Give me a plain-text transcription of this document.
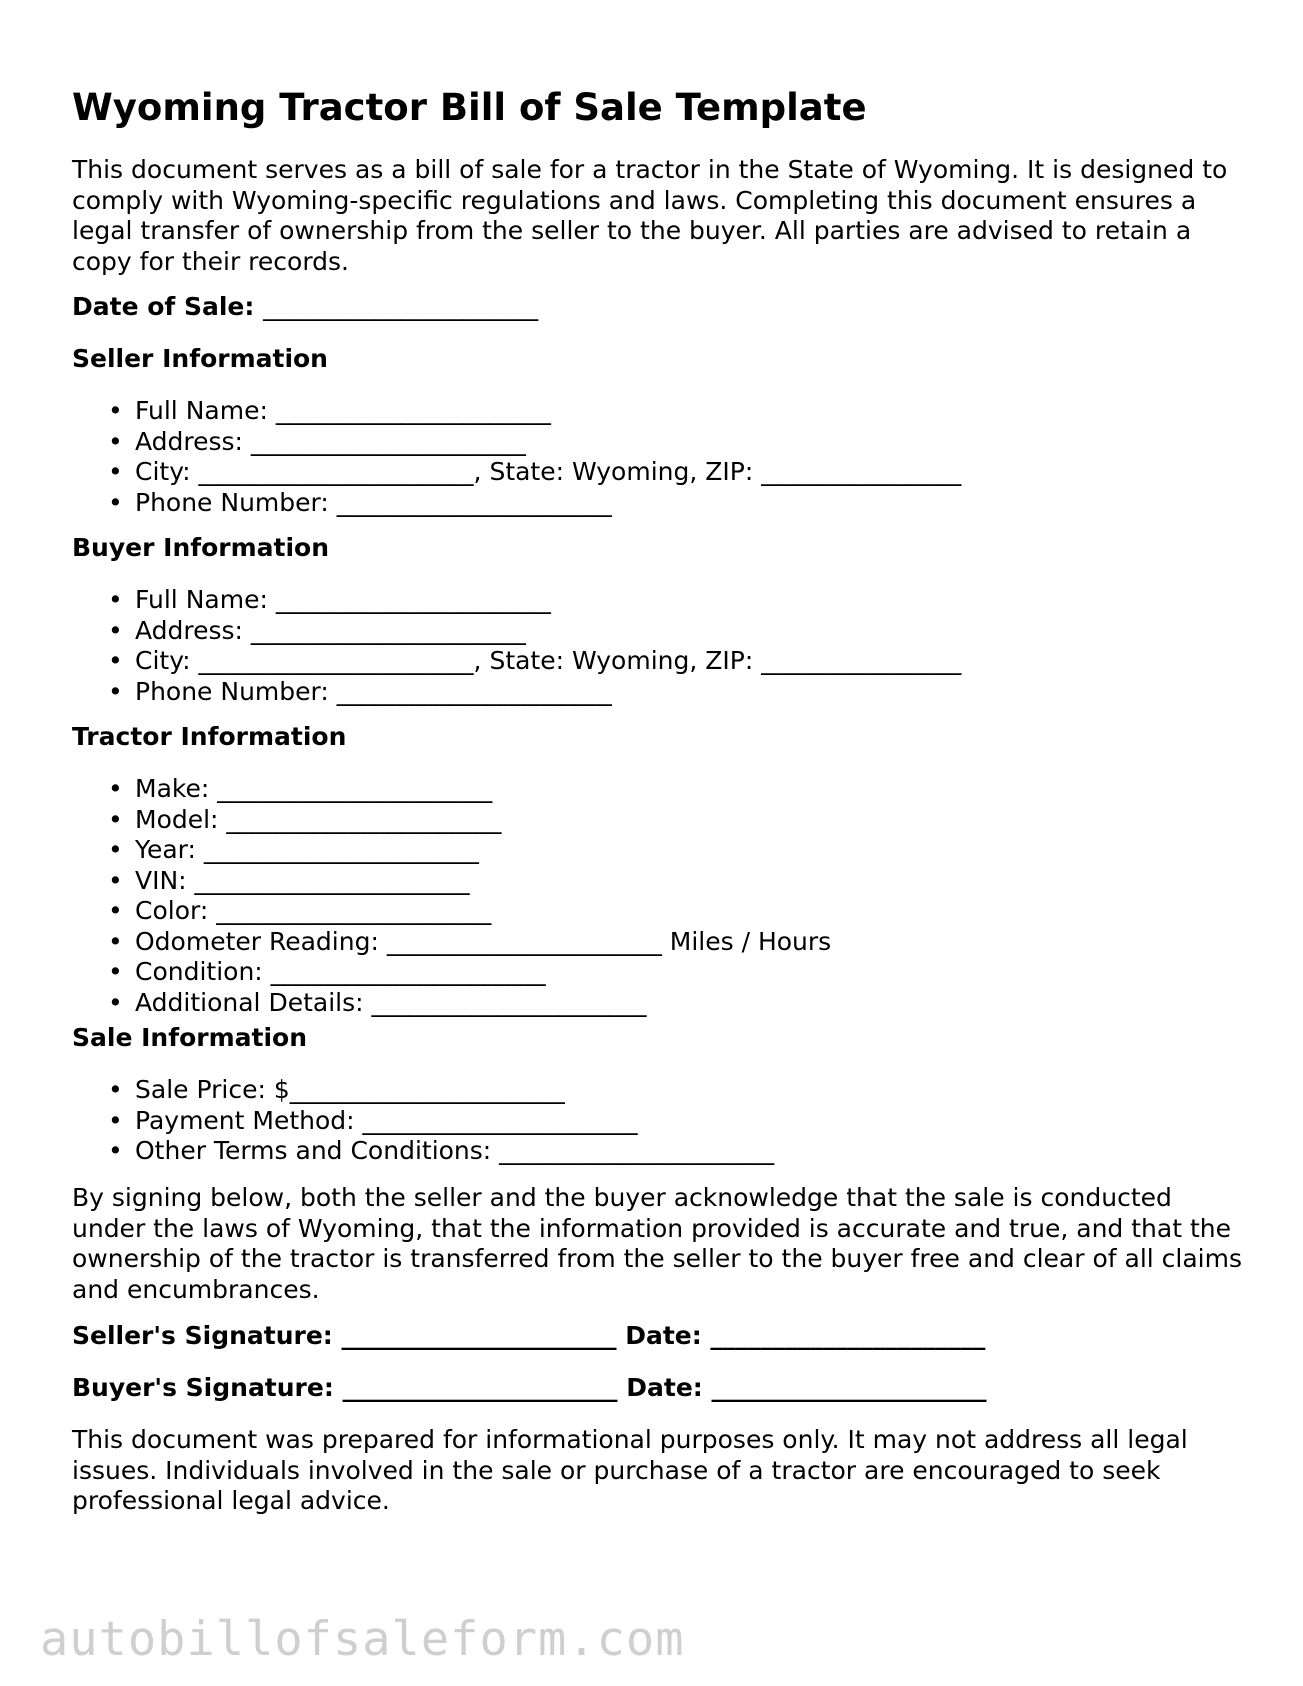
Wyoming Tractor Bill of Sale Template

This document serves as a bill of sale for a tractor in the State of Wyoming. It is designed to comply with Wyoming-specific regulations and laws. Completing this document ensures a legal transfer of ownership from the seller to the buyer. All parties are advised to retain a copy for their records.

Date of Sale: ______________________
Seller Information
• Full Name: ______________________
• Address: ______________________
• City: ______________________, State: Wyoming, ZIP: ________________
• Phone Number: ______________________
Buyer Information
• Full Name: ______________________
• Address: ______________________
• City: ______________________, State: Wyoming, ZIP: ________________
• Phone Number: ______________________
Tractor Information
• Make: ______________________
• Model: ______________________
• Year: ______________________
• VIN: ______________________
• Color: ______________________
• Odometer Reading: ______________________ Miles / Hours
• Condition: ______________________
• Additional Details: ______________________
Sale Information
• Sale Price: $______________________
• Payment Method: ______________________
• Other Terms and Conditions: ______________________

By signing below, both the seller and the buyer acknowledge that the sale is conducted under the laws of Wyoming, that the information provided is accurate and true, and that the ownership of the tractor is transferred from the seller to the buyer free and clear of all claims and encumbrances.

Seller's Signature: ______________________ Date: ______________________
Buyer's Signature: ______________________ Date: ______________________

This document was prepared for informational purposes only. It may not address all legal issues. Individuals involved in the sale or purchase of a tractor are encouraged to seek professional legal advice.

autobillofsaleform.com
